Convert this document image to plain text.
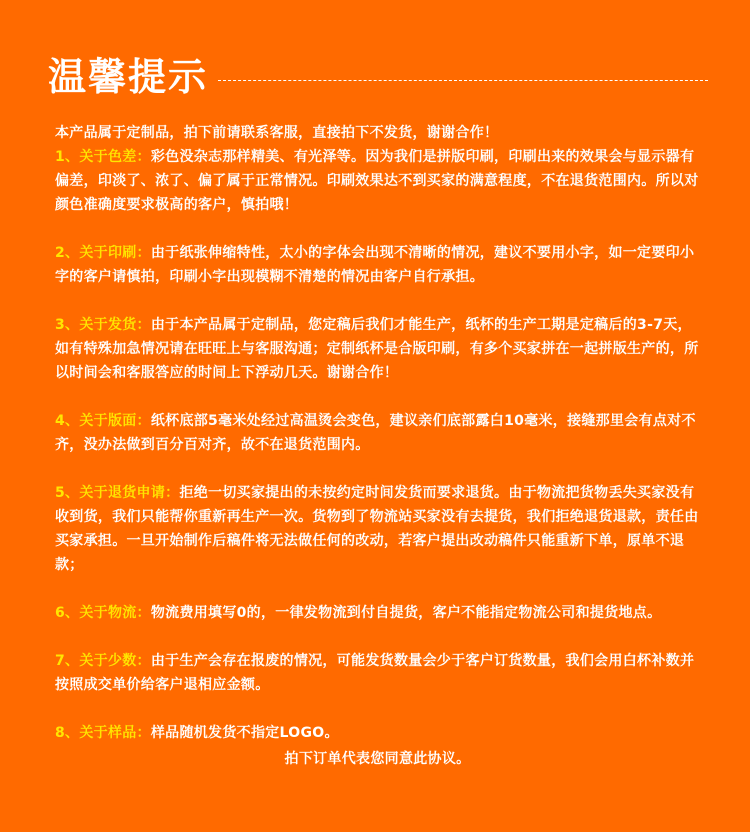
温馨提示

本产品属于定制品，拍下前请联系客服，直接拍下不发货，谢谢合作！

1、关于色差：彩色没杂志那样精美、有光泽等。因为我们是拼版印刷，印刷出来的效果会与显示器有偏差，印淡了、浓了、偏了属于正常情况。印刷效果达不到买家的满意程度，不在退货范围内。所以对颜色准确度要求极高的客户，慎拍哦！

2、关于印刷：由于纸张伸缩特性，太小的字体会出现不清晰的情况，建议不要用小字，如一定要印小字的客户请慎拍，印刷小字出现模糊不清楚的情况由客户自行承担。

3、关于发货：由于本产品属于定制品，您定稿后我们才能生产，纸杯的生产工期是定稿后的3-7天，如有特殊加急情况请在旺旺上与客服沟通；定制纸杯是合版印刷，有多个买家拼在一起拼版生产的，所以时间会和客服答应的时间上下浮动几天。谢谢合作！

4、关于版面：纸杯底部5毫米处经过高温烫会变色，建议亲们底部露白10毫米，接缝那里会有点对不齐，没办法做到百分百对齐，故不在退货范围内。

5、关于退货申请：拒绝一切买家提出的未按约定时间发货而要求退货。由于物流把货物丢失买家没有收到货，我们只能帮你重新再生产一次。货物到了物流站买家没有去提货，我们拒绝退货退款，责任由买家承担。一旦开始制作后稿件将无法做任何的改动，若客户提出改动稿件只能重新下单，原单不退款；

6、关于物流：物流费用填写0的，一律发物流到付自提货，客户不能指定物流公司和提货地点。

7、关于少数：由于生产会存在报废的情况，可能发货数量会少于客户订货数量，我们会用白杯补数并按照成交单价给客户退相应金额。

8、关于样品：样品随机发货不指定LOGO。

拍下订单代表您同意此协议。
